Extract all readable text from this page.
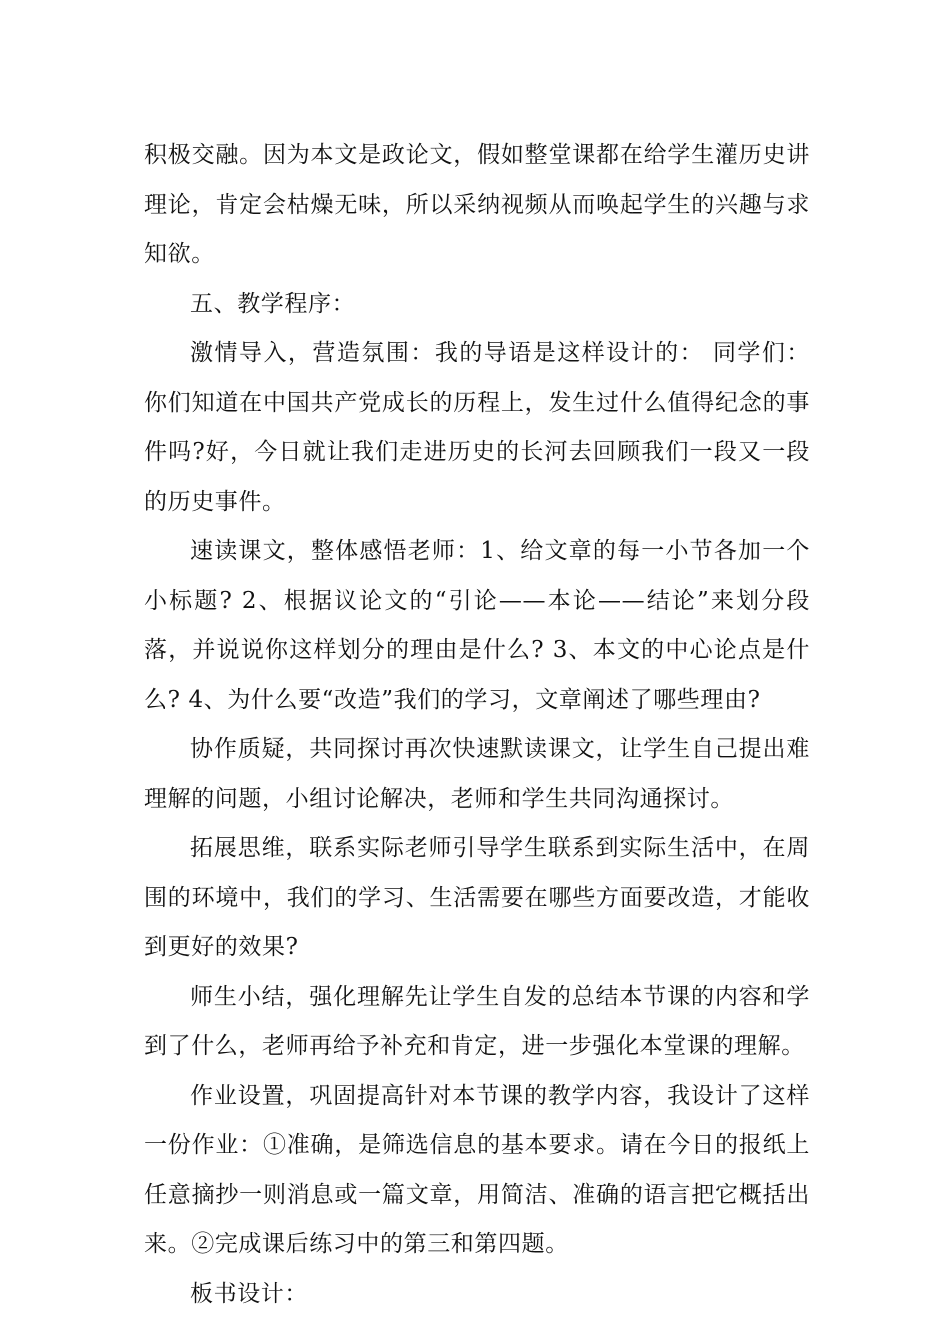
积极交融。因为本文是政论文，假如整堂课都在给学生灌历史讲理论，肯定会枯燥无味，所以采纳视频从而唤起学生的兴趣与求知欲。

五、教学程序：

激情导入，营造氛围：我的导语是这样设计的： 同学们：你们知道在中国共产党成长的历程上，发生过什么值得纪念的事件吗?好，今日就让我们走进历史的长河去回顾我们一段又一段的历史事件。

速读课文，整体感悟老师：1、给文章的每一小节各加一个小标题? 2、根据议论文的“引论——本论——结论”来划分段落，并说说你这样划分的理由是什么? 3、本文的中心论点是什么? 4、为什么要“改造”我们的学习，文章阐述了哪些理由?

协作质疑，共同探讨再次快速默读课文，让学生自己提出难理解的问题，小组讨论解决，老师和学生共同沟通探讨。

拓展思维，联系实际老师引导学生联系到实际生活中，在周围的环境中，我们的学习、生活需要在哪些方面要改造，才能收到更好的效果?

师生小结，强化理解先让学生自发的总结本节课的内容和学到了什么，老师再给予补充和肯定，进一步强化本堂课的理解。

作业设置，巩固提高针对本节课的教学内容，我设计了这样一份作业：①准确，是筛选信息的基本要求。请在今日的报纸上任意摘抄一则消息或一篇文章，用简洁、准确的语言把它概括出来。②完成课后练习中的第三和第四题。

板书设计：
